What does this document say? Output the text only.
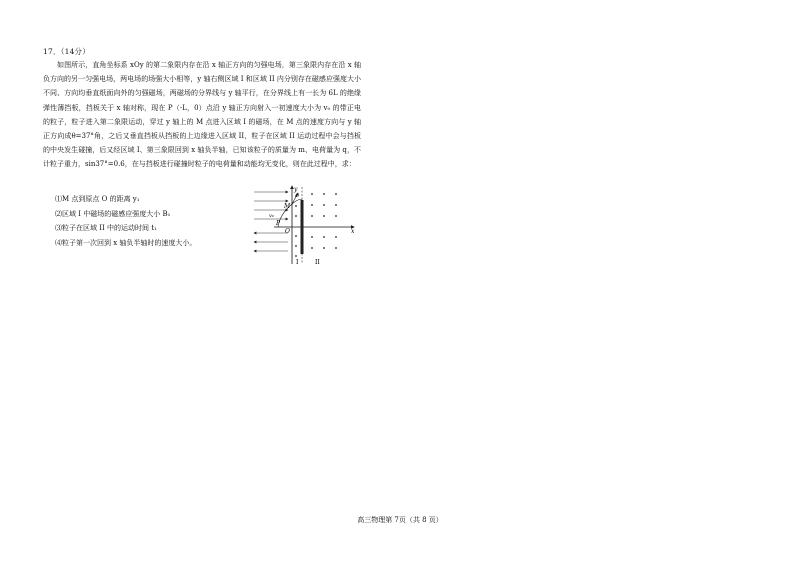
17．（14分）

如图所示，直角坐标系 xOy 的第二象限内存在沿 x 轴正方向的匀强电场，第三象限内存在沿 x 轴负方向的另一匀强电场，两电场的场强大小相等，y 轴右侧区域 I 和区域 II 内分别存在磁感应强度大小不同、方向均垂直纸面向外的匀强磁场，两磁场的分界线与 y 轴平行，在分界线上有一长为 6L 的绝缘弹性薄挡板，挡板关于 x 轴对称，现在 P（-L，0）点沿 y 轴正方向射入一初速度大小为 v₀ 的带正电的粒子，粒子进入第二象限运动，穿过 y 轴上的 M 点进入区域 I 的磁场，在 M 点的速度方向与 y 轴正方向成θ=37°角，之后又垂直挡板从挡板的上边缘进入区域 II，粒子在区域 II 运动过程中会与挡板的中央发生碰撞，后又经区域 I、第三象限回到 x 轴负半轴，已知该粒子的质量为 m、电荷量为 q，不计粒子重力，sin37°=0.6，在与挡板进行碰撞时粒子的电荷量和动能均无变化，则在此过程中，求：

⑴M 点到原点 O 的距离 y₁
⑵区域 I 中磁场的磁感应强度大小 B₁
⑶粒子在区域 II 中的运动时间 t₁
⑷粒子第一次回到 x 轴负半轴时的速度大小。
y
x
O
P
M
v₀
θ
I	II
高三物理第 7页（共 8 页）
